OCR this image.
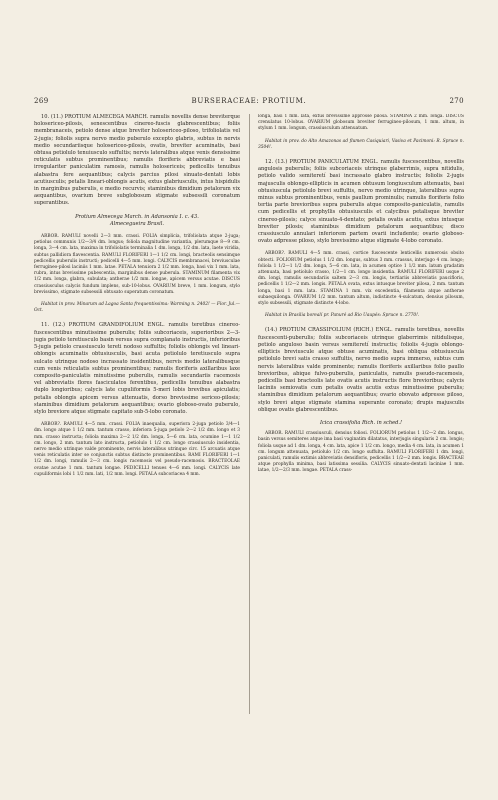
269	BURSERACEAE: PROTIUM.	270

10. (11.) PROTIUM ALMECEGA MARCH. ramulis novellis dense breviterque holosericeo-pilosis, senescentibus cinereo-fuscis glabrescentibus; foliis membranaceis, petiolo dense atque breviter holosericeo-piloso, trifoliolatis vel 2-jugis; foliolis supra nervo medio puberulo excepto glabris, subtus in nervis medio secundariisque holosericeo-pilosis, ovatis, breviter acuminatis, basi obtusa petiolulo tenuiusculo suffultis; nervis lateralibus atque venis densissime reticulatis subtus prominentibus; ramulis floriferis abbreviatis e basi irregulariter paniculatim ramosis, ramulis holosericeis; pedicellis tenuibus alabastra fere aequantibus; calycis parcius pilosi sinuato-dentati lobis acutiusculis; petalis lineari-oblongis acutis, extus glabriusculis, intus hispidulis in marginibus puberulis, e medio recurvis; staminibus dimidium petalorum vix aequantibus, ovarium breve subglobosum stigmate subsessili coronatum superantibus.

Protium Almecega March. in Adansonia I. c. 43.

Almecegueira Brasil.

ARBOR. RAMULI novelli 2—3 mm. crassi. FOLIA simplicia, trifoliolata atque 2-juga; petiolus communis 1/2—3/4 dm. longus; foliola magnitudine variantia, plerumque 8—9 cm. longa, 3—4 cm. lata, maxima in trifoliolatis terminalia 1 dm. longa, 1/2 dm. lata, laete viridia, subtus pallidiora flavescentia. RAMULI FLORIFERI 1—1 1/2 cm. longi, bracteolis sensimque pedicellis puberulis instructi; pedicelli 4—5 mm. longi. CALYCIS membranacei, breviusculae ferrugineo-pilosi laciniis 1 mm. latae. PETALA tenuiora 2 1/2 mm. longa, basi vix 1 mm. lata, rubra, intus brevissime pubescentia, marginibus dense puberula. STAMINUM filamenta vix 1/2 mm. longa, glabra, subulata; antherae 1/2 mm. longae, apicem versus acutae. DISCUS crassiusculus calycis fundum implens, sub-10-lobus. OVARIUM breve, 1 mm. longum, stylo brevissimo, stigmate subsessili obtusato superatum coronatum.

Habitat in prov. Minarum ad Lagoa Santa frequentissima: Warming n. 2402! — Flor. Jul.—Oct.

11. (12.) PROTIUM GRANDIFOLIUM ENGL. ramulis teretibus cinereo-fuscescentibus minutissime puberulis; foliis subcoriaceis, superioribus 2—3-jugis petiolo teretiusculo basin versus supra complanato instructis, inferioribus 5-jugis petiolo crassiusculo tereti nodoso suffultis; foliolis oblongis vel lineari-oblongis acuminatis obtusiusculis, basi acuta petiolulo teretiusculo supra sulcato utrinque nodoso incrassato insidentibus, nervis medio lateralibusque cum venis reticulatis subtus prominentibus; ramulis floriferis axillaribus laxe composito-paniculatis minutissime puberulis, ramulis secundariis racemosis vel abbreviatis flores fasciculatos ferentibus, pedicellis tenuibus alabastra duplo longioribus; calycis late cupuliformis 5-meri lobis brevibus apiculatis; petalis oblongis apicem versus attenuatis, dorso brevissime sericeo-pilosis; staminibus dimidium petalorum aequantibus; ovario globoso-ovato puberulo, stylo breviore atque stigmate capitato sub-5-lobo coronato.

ARBOR?. RAMULI 4—5 mm. crassi. FOLIA inaequalia, superiora 2-juga petiolo 3/4—1 dm. longo atque 1 1/2 mm. tantum crasso, inferiora 5-juga petiolo 2—2 1/2 dm. longo et 3 mm. crasso instructa; foliola maxima 2—2 1/2 dm. longa, 5—6 cm. lata, ocumine 1—1 1/2 cm. longo, 2 mm. tantum lato instructa, petiolulo 1 1/2 cm. longo crassiusculo insidentia, nervo medio utrinque valde prominente, nervis lateralibus utrinque circ. 15 arcuatis atque venis reticulatis inter se conjunctis subtus distincte prominentibus. RAMI FLORIFERI 1—1 1/2 dm. longi, ramulis 2—3 cm. longis racemosis vel pseudo-racemosis. BRACTEOLAE ovatae acutae 1 mm. tantum longae. PEDICELLI tenues 4—6 mm. longi. CALYCIS late cupuliformis lobi 1 1/2 mm. lati, 1/2 mm. longi. PETALA subcoriacea 4 mm.

longa, basi 1 mm. lata, extus brevissime approsse pilosa. STAMINA 2 mm. longa. DISCUS crenulatus 10-lobus. OVARIUM globosum breviter ferrugineo-pilosum, 1 mm. altum, in stylum 1 mm. longum, crassiusculum attenuatum.

Habitat in prov. do Alto Amazonas ad flumen Casiquiari, Vasiva et Pacimoni: R. Spruce n. 3504!.

12. (13.) PROTIUM PANICULATUM ENGL. ramulis fuscescentibus, novellis angulosis puberulis; foliis subcoriaceis utrinque glaberrimis, supra nitidulis, petiolo valido semiteretí basi incrassato glabro instructis; foliolis 2-jugis majusculis oblongo-ellipticis in acumen obtusum longiusculum attenuatis, basi obtusiuscula petiolulo brevi suffultis, nervo medio utrinque, lateralibus supra minus subtus prominentibus, venis paullum prominulis; ramulis floriferis folio tertia parte brevioribus supra puberulis atque composito-paniculatis, ramulis cum pedicellis et prophyllis obtusiusculis et calycibus petalisque breviter cinereo-pilosis; calyce sinuato-4-dentato; petalis ovatis acutis, extus intusque breviter pilosis; staminibus dimidium petalorum aequantibus; disco crassiusculo annulari inferiorem partem ovarii includente; ovario globoso-ovato adpresse piloso, stylo brevissimo atque stigmate 4-lobo coronato.

ARBOR?. RAMULI 4—5 mm. crassi, cortice fuscescente lenticellis numerosis obsito obtecti. FOLIORUM petiolus 1 1/2 dm. longus, subtus 3 mm. crassus, interjugo 4 cm. longo; foliola 1 1/2—1 1/2 dm. longa, 5—6 cm. lata, in acumen optice 1 1/2 mm. latum gradatim attenuata, basi petiolulo crasso, 1/2—1 cm. longo insidentia. RAMULI FLORIFERI usque 2 dm. longi, ramulis secundariis saltem 2—3 cm. longis, tertiariis abbreviatis paucifloris, pedicellis 1 1/2—2 mm. longis. PETALA ovata, extus intusque breviter pilosa, 2 mm. tantum longa, basi 1 mm. lata. STAMINA 1 mm. vix excedentia, filamenta atque antherae subaequilonga. OVARIUM 1/2 mm. tantum altum, indistincte 4-sulcatum, densius pilosum, stylo subsessili, stigmate distincte 4-lobo.

Habitat in Brasilia borealí pr. Panuré ad Rio Uaupés: Spruce n. 2770!.

(14.) PROTIUM CRASSIFOLIUM (RICH.) ENGL. ramulis teretibus, novellis fuscescenti-puberulis; foliis subcoriaceis utrinque glaberrimis nitidulisque, petiolo angulosо basin versus semiteretí instructis; foliolis 4-jugis oblongo-ellipticis breviusculе atque obtuse acuminatis, basi obliqua obtusiuscula petiolulo brevi satis crasso suffultis, nervo medio supra immerso, subtus cum nervis lateralibus valde prominente; ramulis floriferis axillaribus folio paullo brevioribus, abique fulvo-puberulis, paniculatis, ramulis pseudo-racemosis, pedicellis basi bracteolis late ovatis acutis instructis flore brevioribus; calycis laciniis semiovatis cum petalis ovatis acutis extus minutissime puberulis; staminibus dimidium petalorum aequantibus; ovario obovato adpresse piloso, stylo brevi atque stigmate stamina superante coronato; drupis majusculis oblique ovatis glabrescentibus.

Icica crassifolia Rich. in sched.!

ARBOR. RAMULI crassiusculi, densius foliosi. FOLIORUM petiolus 1 1/2—2 dm. longus, basin versus semiteres atque ima basi vaginatim dilatatus, interjugis singularis 2 cm. longis; foliola usque ad 1 dm. longa, 4 cm. lata, apice 1 1/2 cm. longo, media 4 cm. lata, in acumen 1 cm. longum attenuata, petiolulo 1/2 cm. longo suffulta. RAMULI FLORIFERI 1 dm. longi, paniculati, ramulis extimis abbreviatis densifloris, pedicellis 1 1/2—2 mm. longis. BRACTEAE atque prophylla minima, basi latissima sessilia. CALYCIS sinuato-dentati laciniae 1 mm. latae, 1/2—2/3 mm. longae. PETALA crass-
